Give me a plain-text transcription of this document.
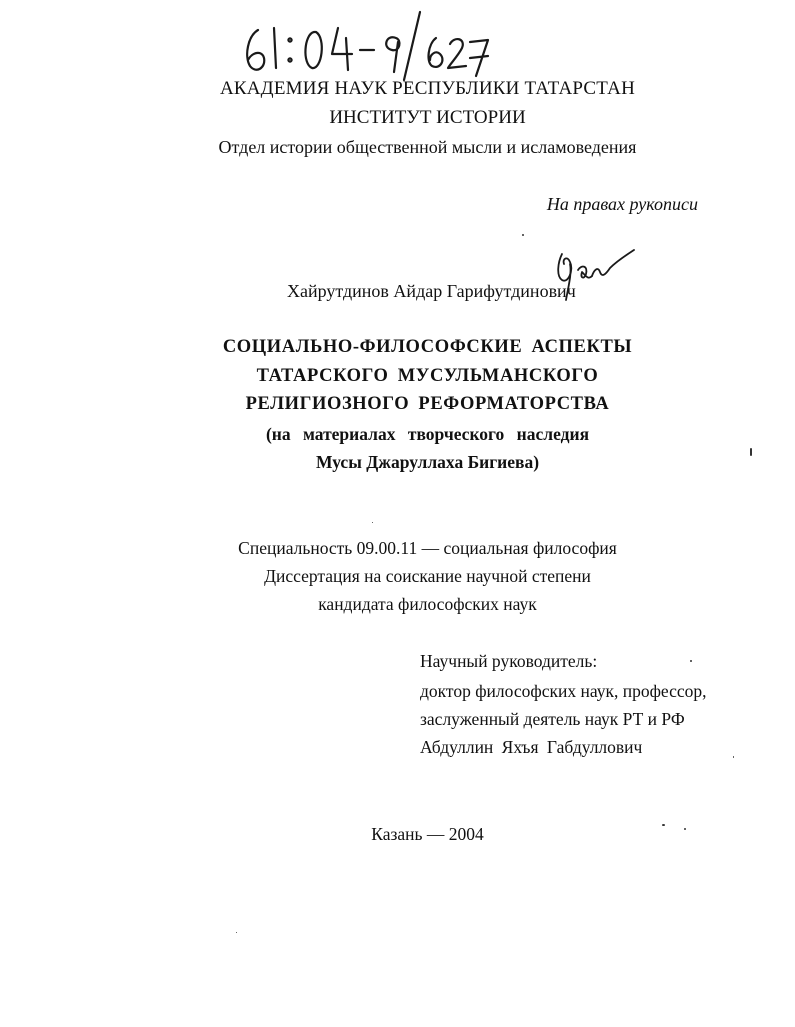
АКАДЕМИЯ НАУК РЕСПУБЛИКИ ТАТАРСТАН
ИНСТИТУТ ИСТОРИИ
Отдел истории общественной мысли и исламоведения
На правах рукописи
Хайрутдинов Айдар Гарифутдинович
СОЦИАЛЬНО-ФИЛОСОФСКИЕ АСПЕКТЫ
ТАТАРСКОГО МУСУЛЬМАНСКОГО
РЕЛИГИОЗНОГО РЕФОРМАТОРСТВА
(на материалах творческого наследия
Мусы Джаруллаха Бигиева)
Специальность 09.00.11 — социальная философия
Диссертация на соискание научной степени
кандидата философских наук
Научный руководитель:
доктор философских наук, профессор,
заслуженный деятель наук РТ и РФ
Абдуллин Яхъя Габдуллович
Казань — 2004
